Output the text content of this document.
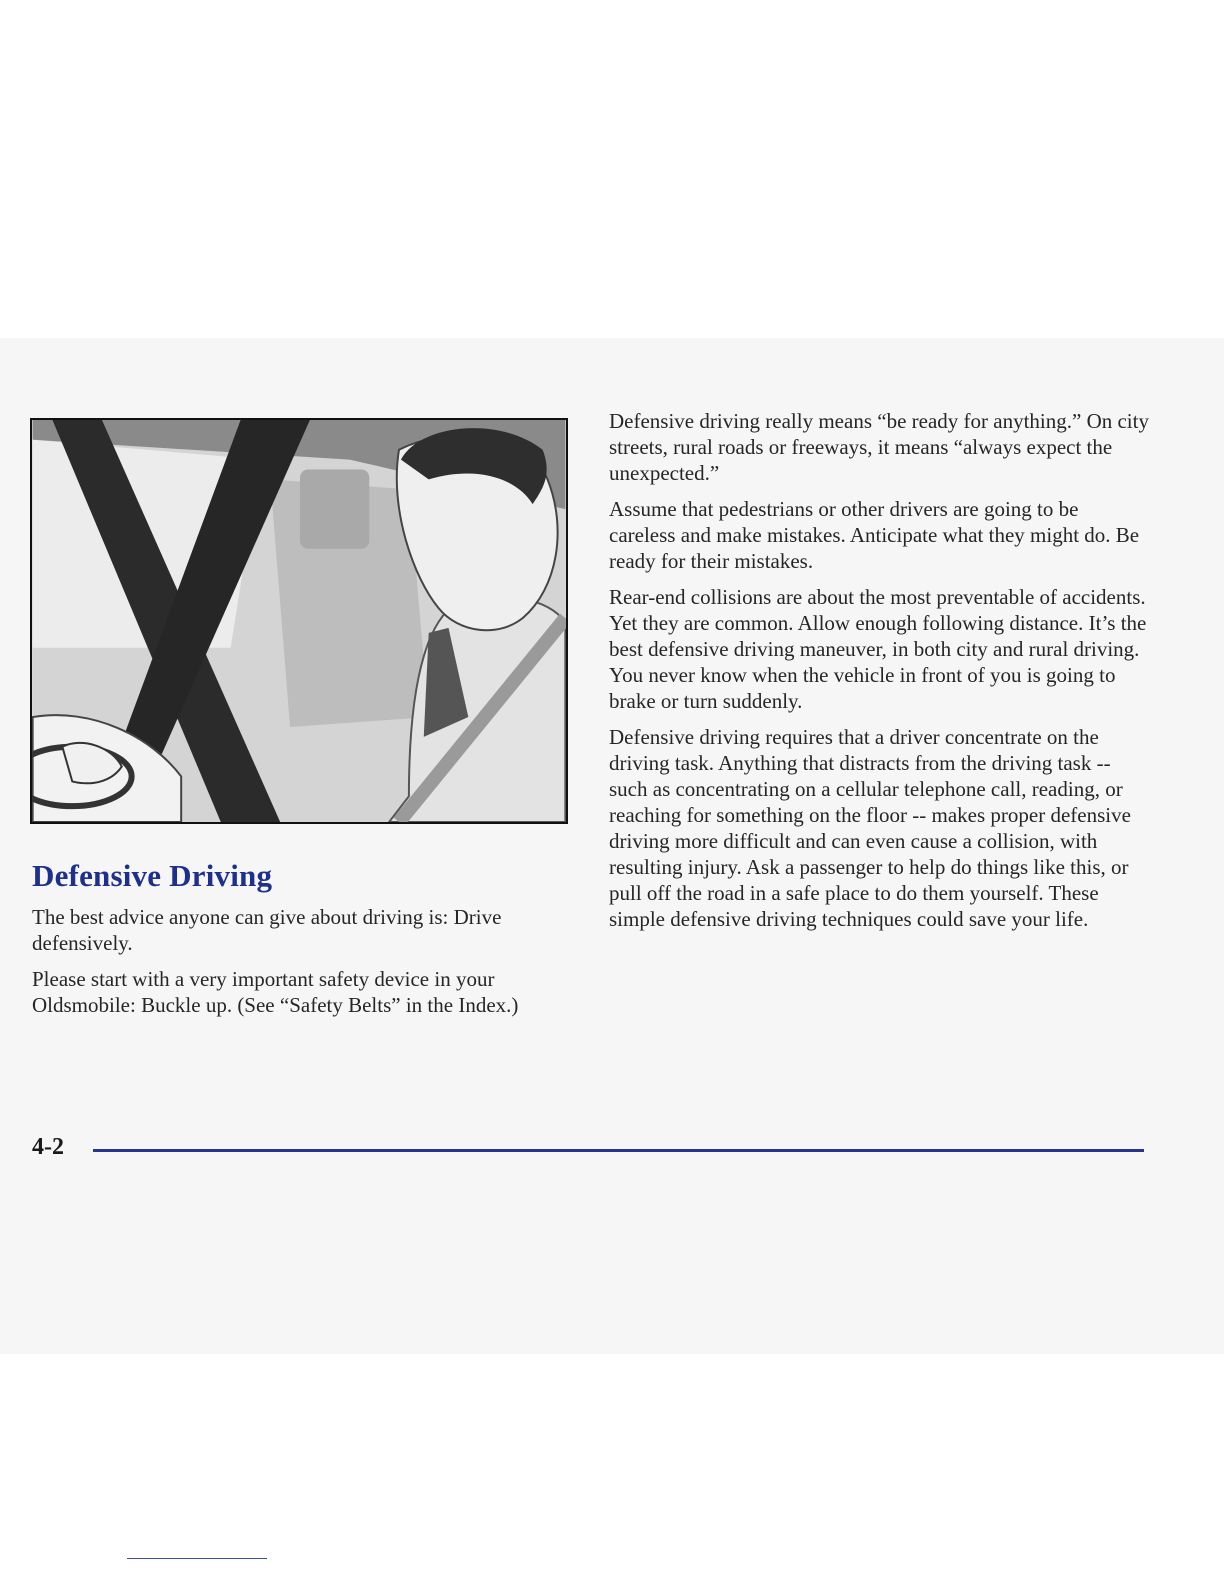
Defensive Driving

The best advice anyone can give about driving is: Drive defensively.

Please start with a very important safety device in your Oldsmobile: Buckle up. (See “Safety Belts” in the Index.)

Defensive driving really means “be ready for anything.” On city streets, rural roads or freeways, it means “always expect the unexpected.”

Assume that pedestrians or other drivers are going to be careless and make mistakes. Anticipate what they might do. Be ready for their mistakes.

Rear-end collisions are about the most preventable of accidents. Yet they are common. Allow enough following distance. It’s the best defensive driving maneuver, in both city and rural driving. You never know when the vehicle in front of you is going to brake or turn suddenly.

Defensive driving requires that a driver concentrate on the driving task. Anything that distracts from the driving task -- such as concentrating on a cellular telephone call, reading, or reaching for something on the floor -- makes proper defensive driving more difficult and can even cause a collision, with resulting injury. Ask a passenger to help do things like this, or pull off the road in a safe place to do them yourself. These simple defensive driving techniques could save your life.

4-2
